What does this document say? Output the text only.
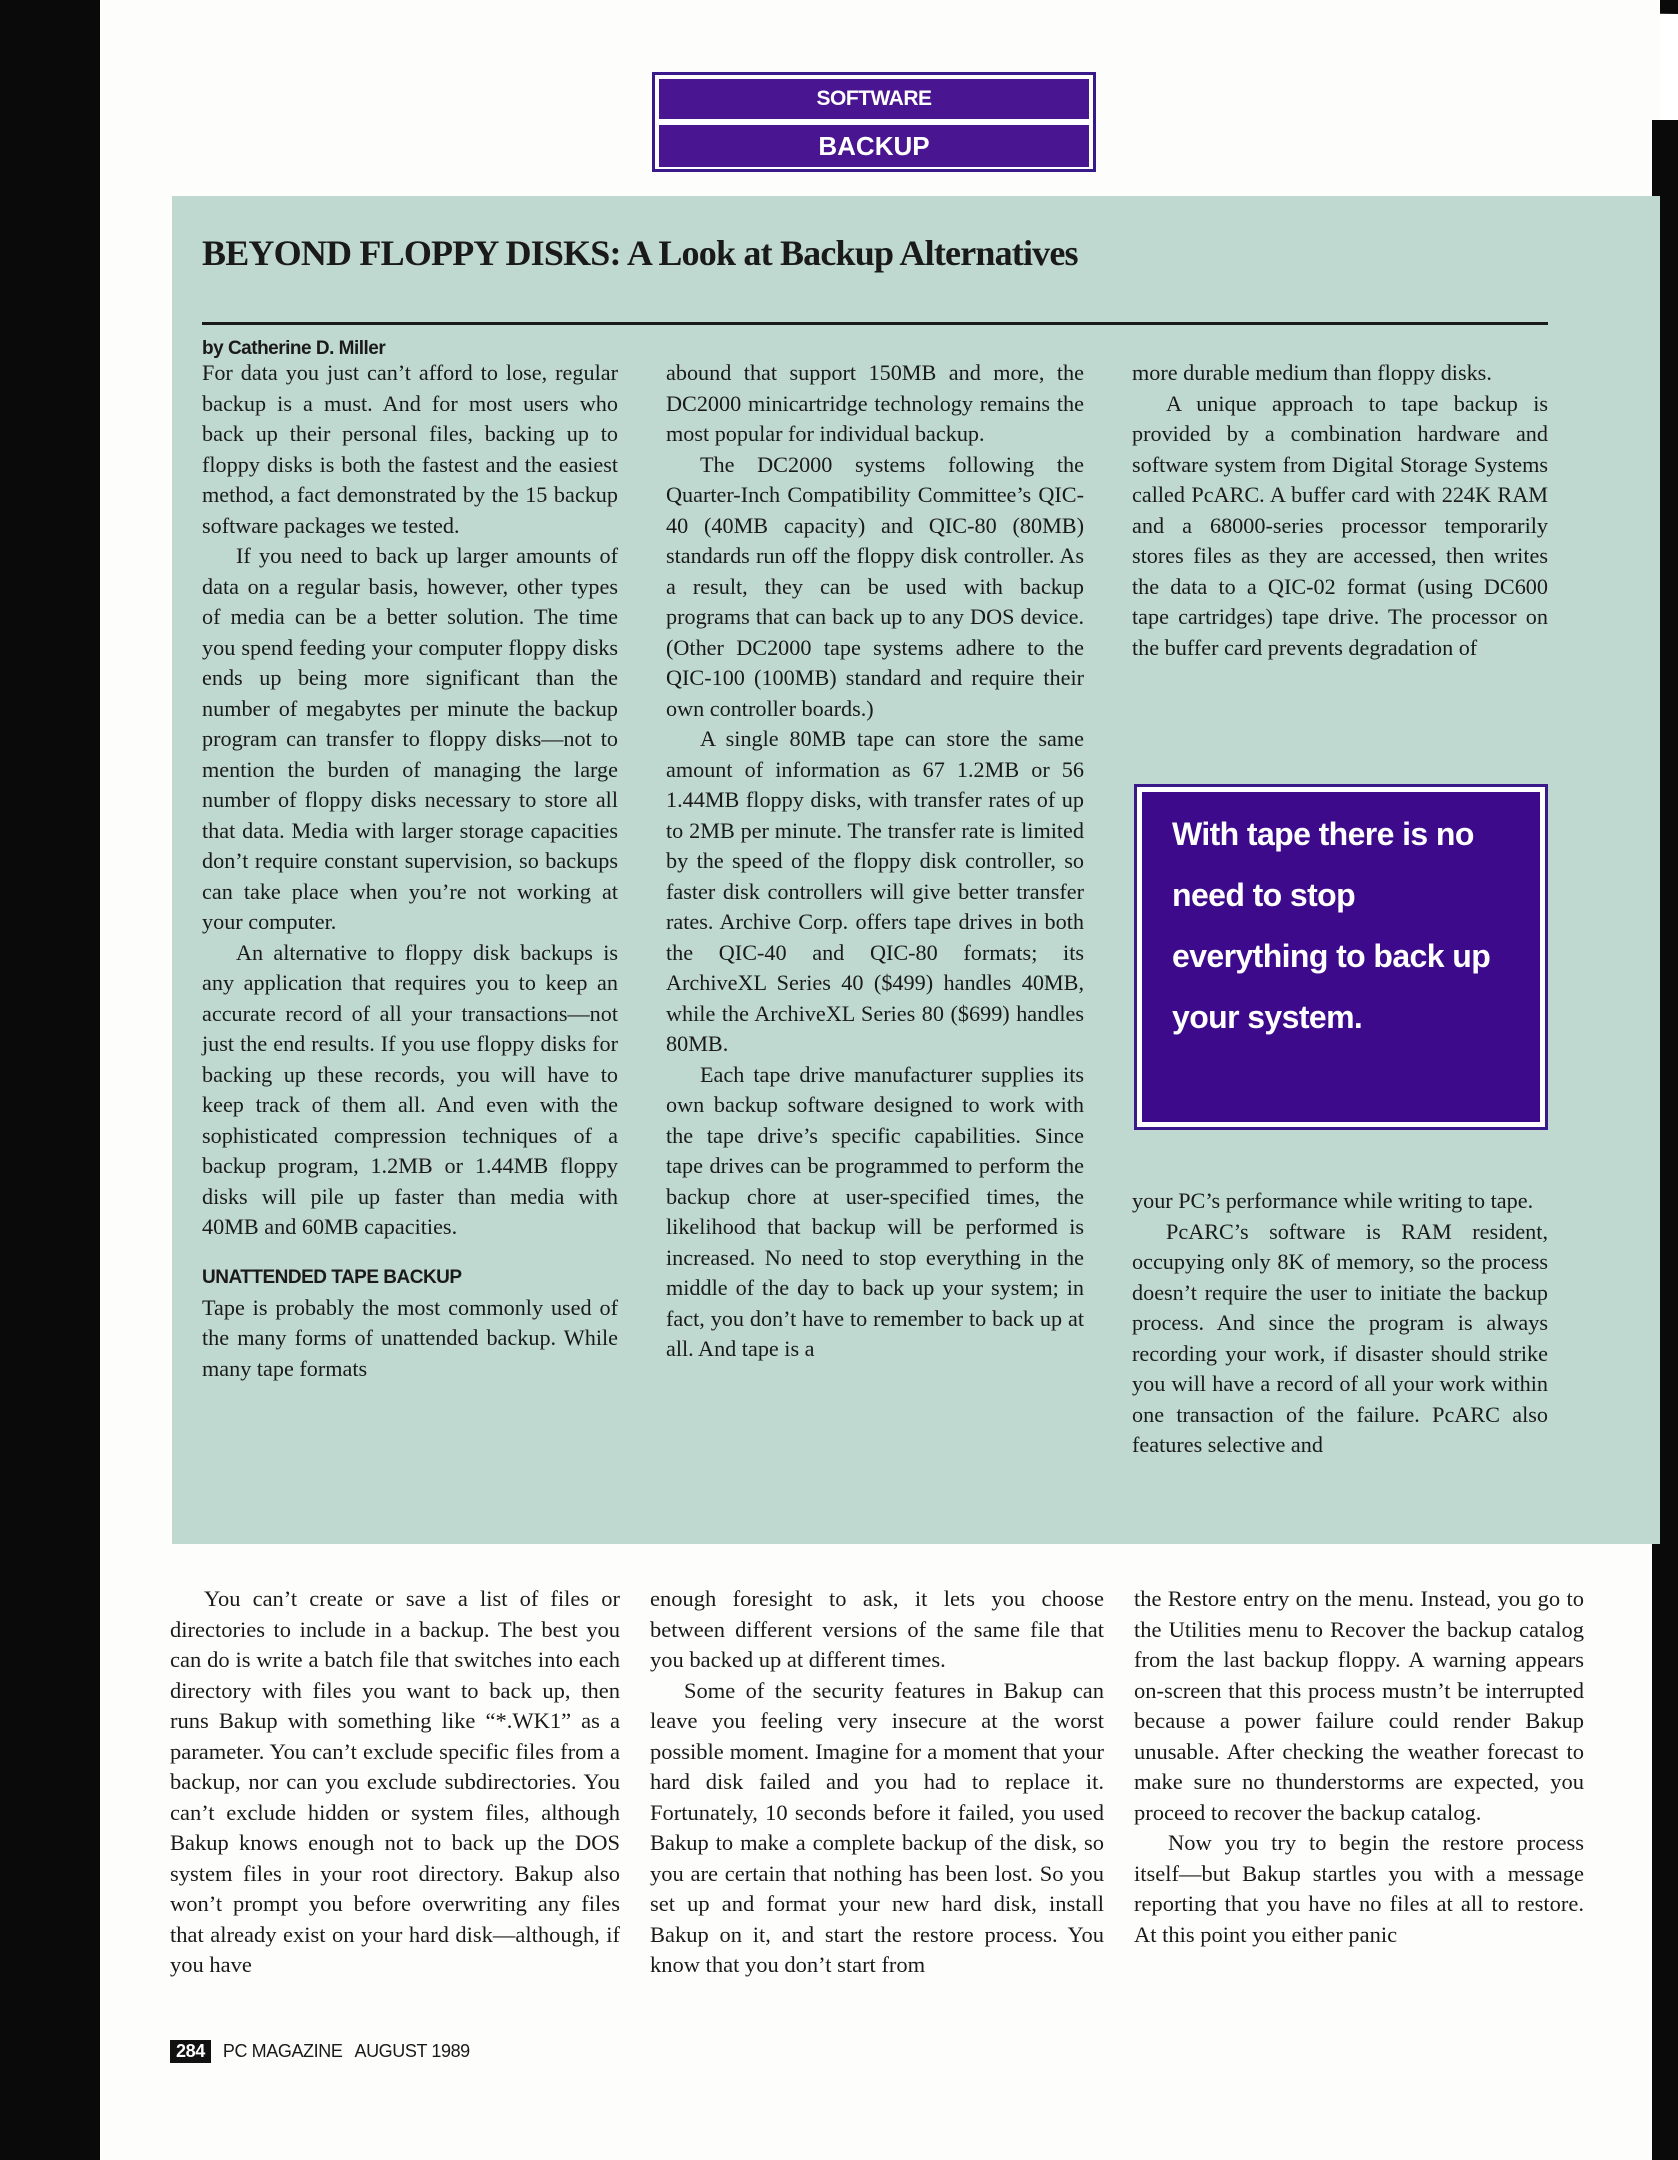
SOFTWARE
BACKUP
BEYOND FLOPPY DISKS: A Look at Backup Alternatives
by Catherine D. Miller

For data you just can’t afford to lose, regular backup is a must. And for most users who back up their personal files, backing up to floppy disks is both the fastest and the easiest method, a fact demonstrated by the 15 backup software packages we tested.

If you need to back up larger amounts of data on a regular basis, however, other types of media can be a better solution. The time you spend feeding your computer floppy disks ends up being more significant than the number of megabytes per minute the backup program can transfer to floppy disks—not to mention the burden of managing the large number of floppy disks necessary to store all that data. Media with larger storage capacities don’t require constant supervision, so backups can take place when you’re not working at your computer.

An alternative to floppy disk backups is any application that requires you to keep an accurate record of all your transactions—not just the end results. If you use floppy disks for backing up these records, you will have to keep track of them all. And even with the sophisticated compression techniques of a backup program, 1.2MB or 1.44MB floppy disks will pile up faster than media with 40MB and 60MB capacities.

UNATTENDED TAPE BACKUP

Tape is probably the most commonly used of the many forms of unattended backup. While many tape formats

abound that support 150MB and more, the DC2000 minicartridge technology remains the most popular for individual backup.

The DC2000 systems following the Quarter-Inch Compatibility Committee’s QIC-40 (40MB capacity) and QIC-80 (80MB) standards run off the floppy disk controller. As a result, they can be used with backup programs that can back up to any DOS device. (Other DC2000 tape systems adhere to the QIC-100 (100MB) standard and require their own controller boards.)

A single 80MB tape can store the same amount of information as 67 1.2MB or 56 1.44MB floppy disks, with transfer rates of up to 2MB per minute. The transfer rate is limited by the speed of the floppy disk controller, so faster disk controllers will give better transfer rates. Archive Corp. offers tape drives in both the QIC-40 and QIC-80 formats; its ArchiveXL Series 40 ($499) handles 40MB, while the ArchiveXL Series 80 ($699) handles 80MB.

Each tape drive manufacturer supplies its own backup software designed to work with the tape drive’s specific capabilities. Since tape drives can be programmed to perform the backup chore at user-specified times, the likelihood that backup will be performed is increased. No need to stop everything in the middle of the day to back up your system; in fact, you don’t have to remember to back up at all. And tape is a

more durable medium than floppy disks.

A unique approach to tape backup is provided by a combination hardware and software system from Digital Storage Systems called PcARC. A buffer card with 224K RAM and a 68000-series processor temporarily stores files as they are accessed, then writes the data to a QIC-02 format (using DC600 tape cartridges) tape drive. The processor on the buffer card prevents degradation of

With tape there is no need to stop everything to back up your system.

your PC’s performance while writing to tape.

PcARC’s software is RAM resident, occupying only 8K of memory, so the process doesn’t require the user to initiate the backup process. And since the program is always recording your work, if disaster should strike you will have a record of all your work within one transaction of the failure. PcARC also features selective and

You can’t create or save a list of files or directories to include in a backup. The best you can do is write a batch file that switches into each directory with files you want to back up, then runs Bakup with something like “*.WK1” as a parameter. You can’t exclude specific files from a backup, nor can you exclude subdirectories. You can’t exclude hidden or system files, although Bakup knows enough not to back up the DOS system files in your root directory. Bakup also won’t prompt you before overwriting any files that already exist on your hard disk—although, if you have

enough foresight to ask, it lets you choose between different versions of the same file that you backed up at different times.

Some of the security features in Bakup can leave you feeling very insecure at the worst possible moment. Imagine for a moment that your hard disk failed and you had to replace it. Fortunately, 10 seconds before it failed, you used Bakup to make a complete backup of the disk, so you are certain that nothing has been lost. So you set up and format your new hard disk, install Bakup on it, and start the restore process. You know that you don’t start from

the Restore entry on the menu. Instead, you go to the Utilities menu to Recover the backup catalog from the last backup floppy. A warning appears on-screen that this process mustn’t be interrupted because a power failure could render Bakup unusable. After checking the weather forecast to make sure no thunderstorms are expected, you proceed to recover the backup catalog.

Now you try to begin the restore process itself—but Bakup startles you with a message reporting that you have no files at all to restore. At this point you either panic

284	PC MAGAZINE AUGUST 1989
